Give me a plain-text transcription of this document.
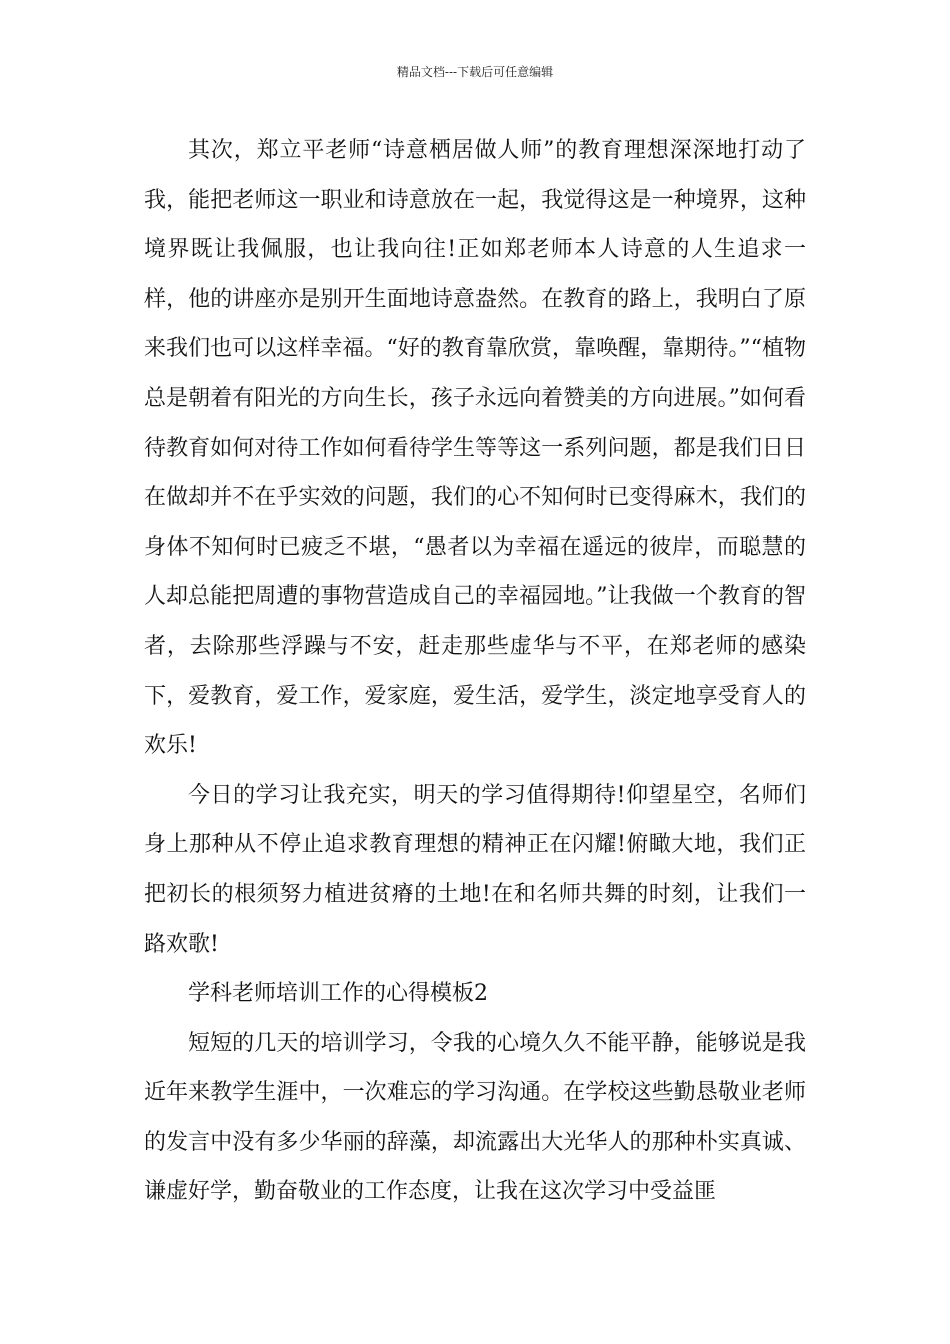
精品文档---下载后可任意编辑

其次，郑立平老师“诗意栖居做人师”的教育理想深深地打动了我，能把老师这一职业和诗意放在一起，我觉得这是一种境界，这种境界既让我佩服，也让我向往!正如郑老师本人诗意的人生追求一样，他的讲座亦是别开生面地诗意盎然。在教育的路上，我明白了原来我们也可以这样幸福。“好的教育靠欣赏，靠唤醒，靠期待。”“植物总是朝着有阳光的方向生长，孩子永远向着赞美的方向进展。”如何看待教育如何对待工作如何看待学生等等这一系列问题，都是我们日日在做却并不在乎实效的问题，我们的心不知何时已变得麻木，我们的身体不知何时已疲乏不堪，“愚者以为幸福在遥远的彼岸，而聪慧的人却总能把周遭的事物营造成自己的幸福园地。”让我做一个教育的智者，去除那些浮躁与不安，赶走那些虚华与不平，在郑老师的感染下，爱教育，爱工作，爱家庭，爱生活，爱学生，淡定地享受育人的欢乐!

今日的学习让我充实，明天的学习值得期待!仰望星空，名师们身上那种从不停止追求教育理想的精神正在闪耀!俯瞰大地，我们正把初长的根须努力植进贫瘠的土地!在和名师共舞的时刻，让我们一路欢歌!

学科老师培训工作的心得模板2

短短的几天的培训学习，令我的心境久久不能平静，能够说是我近年来教学生涯中，一次难忘的学习沟通。在学校这些勤恳敬业老师的发言中没有多少华丽的辞藻，却流露出大光华人的那种朴实真诚、谦虚好学，勤奋敬业的工作态度，让我在这次学习中受益匪
